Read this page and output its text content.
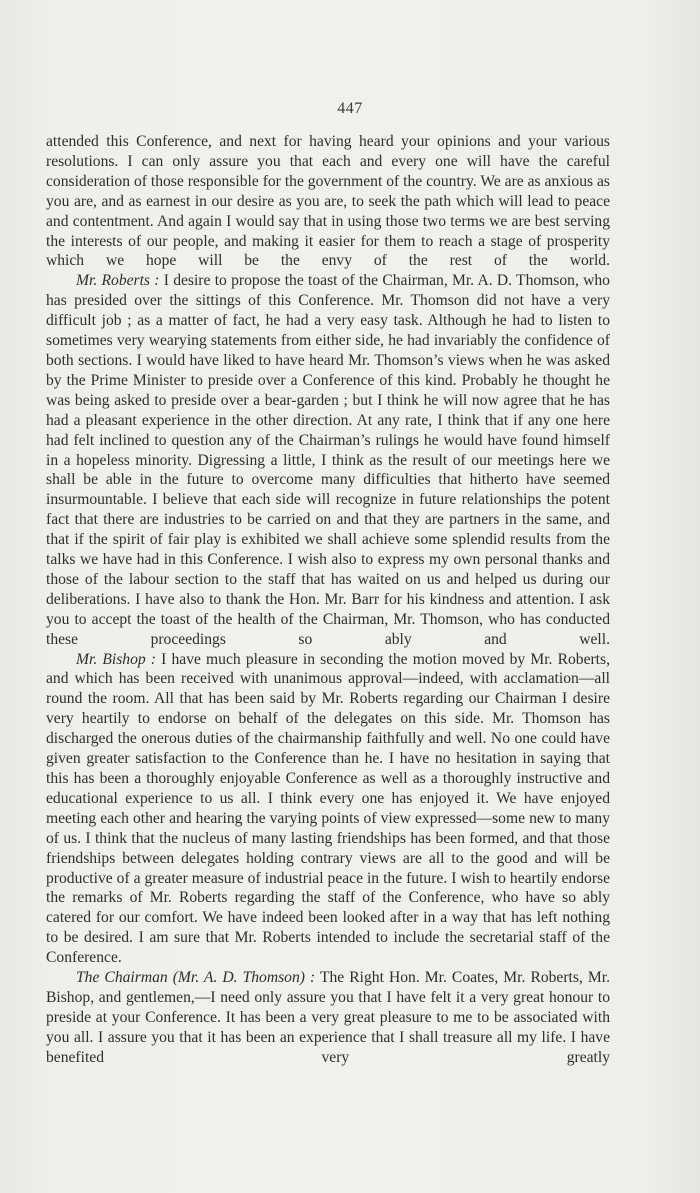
447

attended this Conference, and next for having heard your opinions and your various resolutions. I can only assure you that each and every one will have the careful consideration of those responsible for the government of the country. We are as anxious as you are, and as earnest in our desire as you are, to seek the path which will lead to peace and contentment. And again I would say that in using those two terms we are best serving the interests of our people, and making it easier for them to reach a stage of prosperity which we hope will be the envy of the rest of the world.

Mr. Roberts : I desire to propose the toast of the Chairman, Mr. A. D. Thomson, who has presided over the sittings of this Conference. Mr. Thomson did not have a very difficult job ; as a matter of fact, he had a very easy task. Although he had to listen to sometimes very wearying statements from either side, he had invariably the confidence of both sections. I would have liked to have heard Mr. Thomson’s views when he was asked by the Prime Minister to preside over a Conference of this kind. Probably he thought he was being asked to preside over a bear-garden ; but I think he will now agree that he has had a pleasant experience in the other direction. At any rate, I think that if any one here had felt inclined to question any of the Chairman’s rulings he would have found himself in a hopeless minority. Digressing a little, I think as the result of our meetings here we shall be able in the future to overcome many difficulties that hitherto have seemed insurmountable. I believe that each side will recognize in future relationships the potent fact that there are industries to be carried on and that they are partners in the same, and that if the spirit of fair play is exhibited we shall achieve some splendid results from the talks we have had in this Conference. I wish also to express my own personal thanks and those of the labour section to the staff that has waited on us and helped us during our deliberations. I have also to thank the Hon. Mr. Barr for his kindness and attention. I ask you to accept the toast of the health of the Chairman, Mr. Thomson, who has conducted these proceedings so ably and well.

Mr. Bishop : I have much pleasure in seconding the motion moved by Mr. Roberts, and which has been received with unanimous approval—indeed, with acclamation—all round the room. All that has been said by Mr. Roberts regarding our Chairman I desire very heartily to endorse on behalf of the delegates on this side. Mr. Thomson has discharged the onerous duties of the chairmanship faithfully and well. No one could have given greater satisfaction to the Conference than he. I have no hesitation in saying that this has been a thoroughly enjoyable Conference as well as a thoroughly instructive and educational experience to us all. I think every one has enjoyed it. We have enjoyed meeting each other and hearing the varying points of view expressed—some new to many of us. I think that the nucleus of many lasting friendships has been formed, and that those friendships between delegates holding contrary views are all to the good and will be productive of a greater measure of industrial peace in the future. I wish to heartily endorse the remarks of Mr. Roberts regarding the staff of the Conference, who have so ably catered for our comfort. We have indeed been looked after in a way that has left nothing to be desired. I am sure that Mr. Roberts intended to include the secretarial staff of the Conference.

The Chairman (Mr. A. D. Thomson) : The Right Hon. Mr. Coates, Mr. Roberts, Mr. Bishop, and gentlemen,—I need only assure you that I have felt it a very great honour to preside at your Conference. It has been a very great pleasure to me to be associated with you all. I assure you that it has been an experience that I shall treasure all my life. I have benefited very greatly
